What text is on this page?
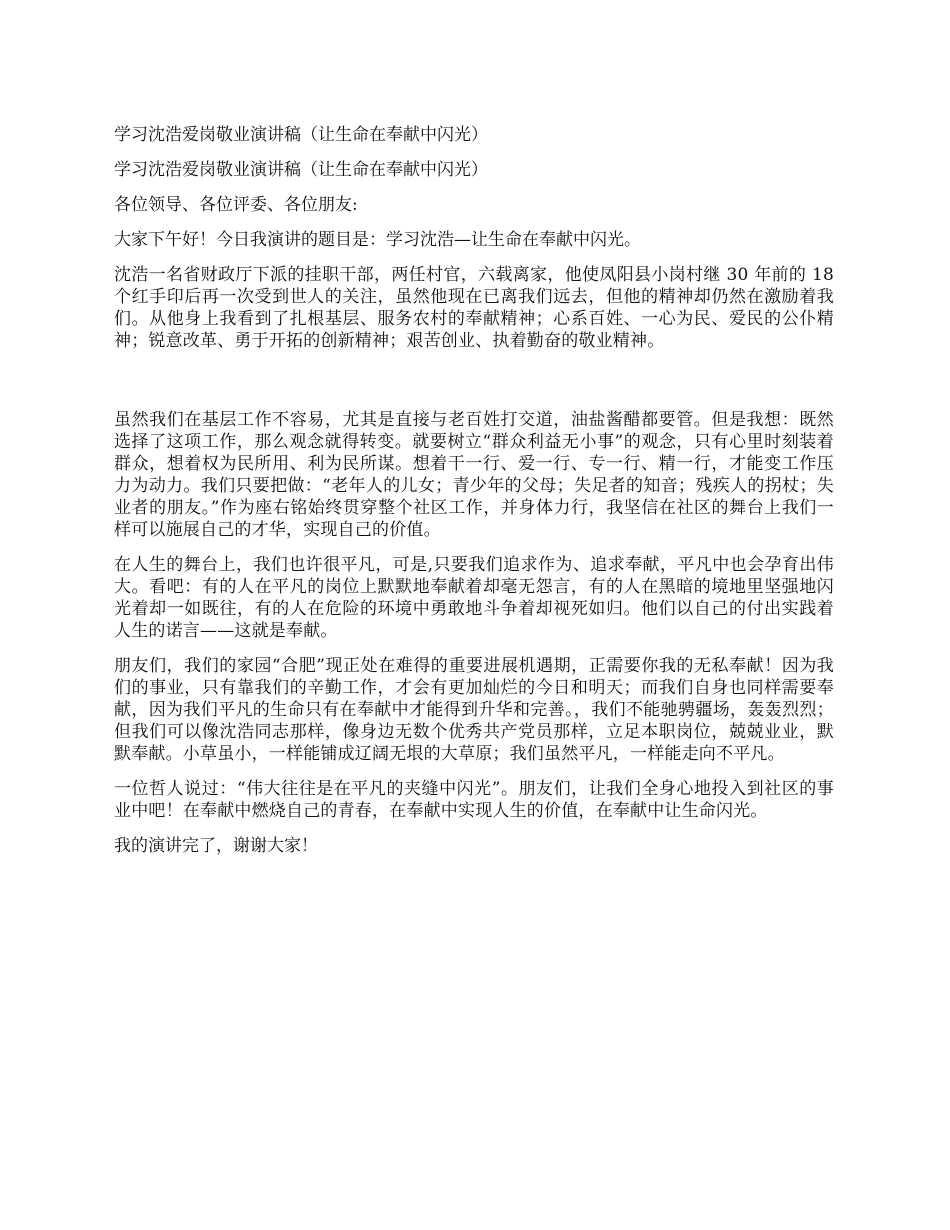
学习沈浩爱岗敬业演讲稿（让生命在奉献中闪光）

学习沈浩爱岗敬业演讲稿（让生命在奉献中闪光）

各位领导、各位评委、各位朋友:

大家下午好！今日我演讲的题目是：学习沈浩—让生命在奉献中闪光。

沈浩一名省财政厅下派的挂职干部，两任村官，六载离家，他使凤阳县小岗村继 30 年前的 18 个红手印后再一次受到世人的关注，虽然他现在已离我们远去，但他的精神却仍然在激励着我们。从他身上我看到了扎根基层、服务农村的奉献精神；心系百姓、一心为民、爱民的公仆精神；锐意改革、勇于开拓的创新精神；艰苦创业、执着勤奋的敬业精神。

虽然我们在基层工作不容易，尤其是直接与老百姓打交道，油盐酱醋都要管。但是我想：既然选择了这项工作，那么观念就得转变。就要树立“群众利益无小事”的观念，只有心里时刻装着群众，想着权为民所用、利为民所谋。想着干一行、爱一行、专一行、精一行，才能变工作压力为动力。我们只要把做：“老年人的儿女；青少年的父母；失足者的知音；残疾人的拐杖；失业者的朋友。”作为座右铭始终贯穿整个社区工作，并身体力行，我坚信在社区的舞台上我们一样可以施展自己的才华，实现自己的价值。

在人生的舞台上，我们也许很平凡，可是,只要我们追求作为、追求奉献，平凡中也会孕育出伟大。看吧：有的人在平凡的岗位上默默地奉献着却毫无怨言，有的人在黑暗的境地里坚强地闪光着却一如既往，有的人在危险的环境中勇敢地斗争着却视死如归。他们以自己的付出实践着人生的诺言——这就是奉献。

朋友们，我们的家园“合肥”现正处在难得的重要进展机遇期，正需要你我的无私奉献！因为我们的事业，只有靠我们的辛勤工作，才会有更加灿烂的今日和明天；而我们自身也同样需要奉献，因为我们平凡的生命只有在奉献中才能得到升华和完善。，我们不能驰骋疆场，轰轰烈烈；但我们可以像沈浩同志那样，像身边无数个优秀共产党员那样，立足本职岗位，兢兢业业，默默奉献。小草虽小，一样能铺成辽阔无垠的大草原；我们虽然平凡，一样能走向不平凡。

一位哲人说过：“伟大往往是在平凡的夹缝中闪光”。朋友们，让我们全身心地投入到社区的事业中吧！在奉献中燃烧自己的青春，在奉献中实现人生的价值，在奉献中让生命闪光。

我的演讲完了，谢谢大家！
